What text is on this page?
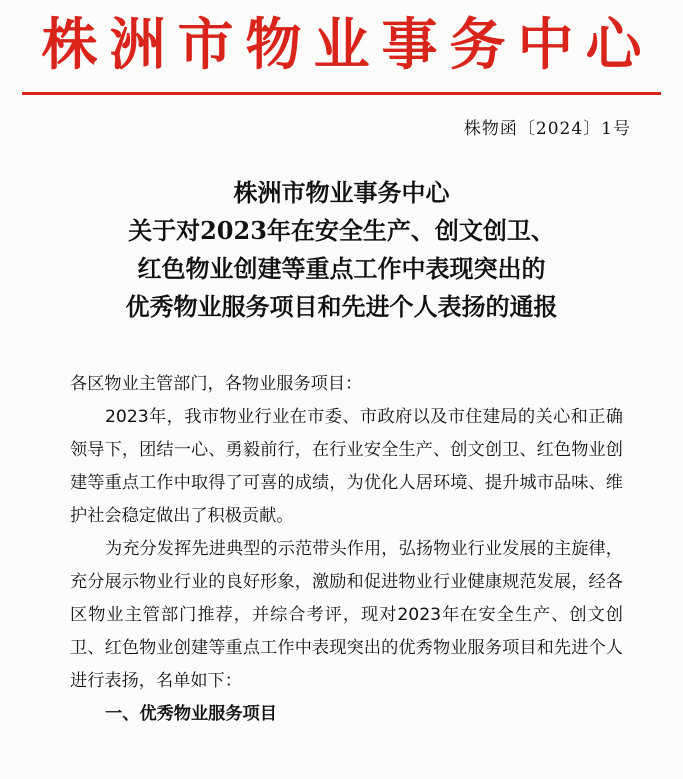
株洲市物业事务中心
株物函〔2024〕1号
株洲市物业事务中心
关于对2023年在安全生产、创文创卫、
红色物业创建等重点工作中表现突出的
优秀物业服务项目和先进个人表扬的通报

各区物业主管部门，各物业服务项目：

2023年，我市物业行业在市委、市政府以及市住建局的关心和正确领导下，团结一心、勇毅前行，在行业安全生产、创文创卫、红色物业创建等重点工作中取得了可喜的成绩，为优化人居环境、提升城市品味、维护社会稳定做出了积极贡献。

为充分发挥先进典型的示范带头作用，弘扬物业行业发展的主旋律，充分展示物业行业的良好形象，激励和促进物业行业健康规范发展，经各区物业主管部门推荐，并综合考评，现对2023年在安全生产、创文创卫、红色物业创建等重点工作中表现突出的优秀物业服务项目和先进个人进行表扬，名单如下：

一、优秀物业服务项目
